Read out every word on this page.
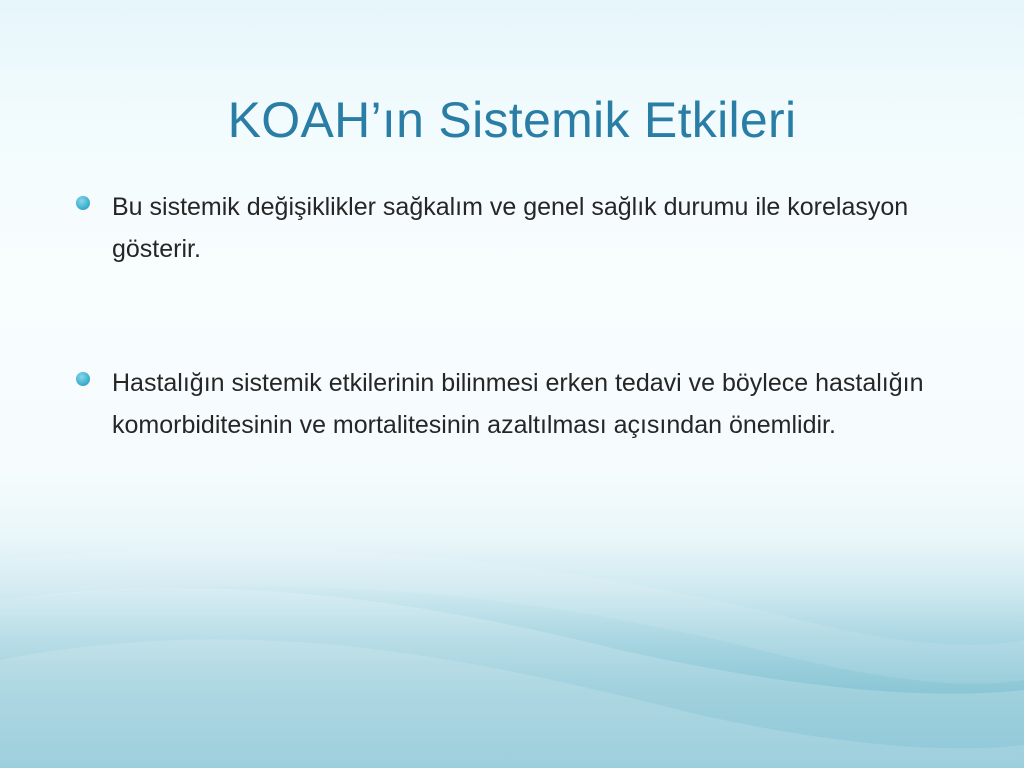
KOAH’ın Sistemik Etkileri
Bu sistemik değişiklikler sağkalım ve genel sağlık durumu ile korelasyon gösterir.
Hastalığın sistemik etkilerinin bilinmesi erken tedavi ve böylece hastalığın komorbiditesinin ve mortalitesinin azaltılması açısından önemlidir.
